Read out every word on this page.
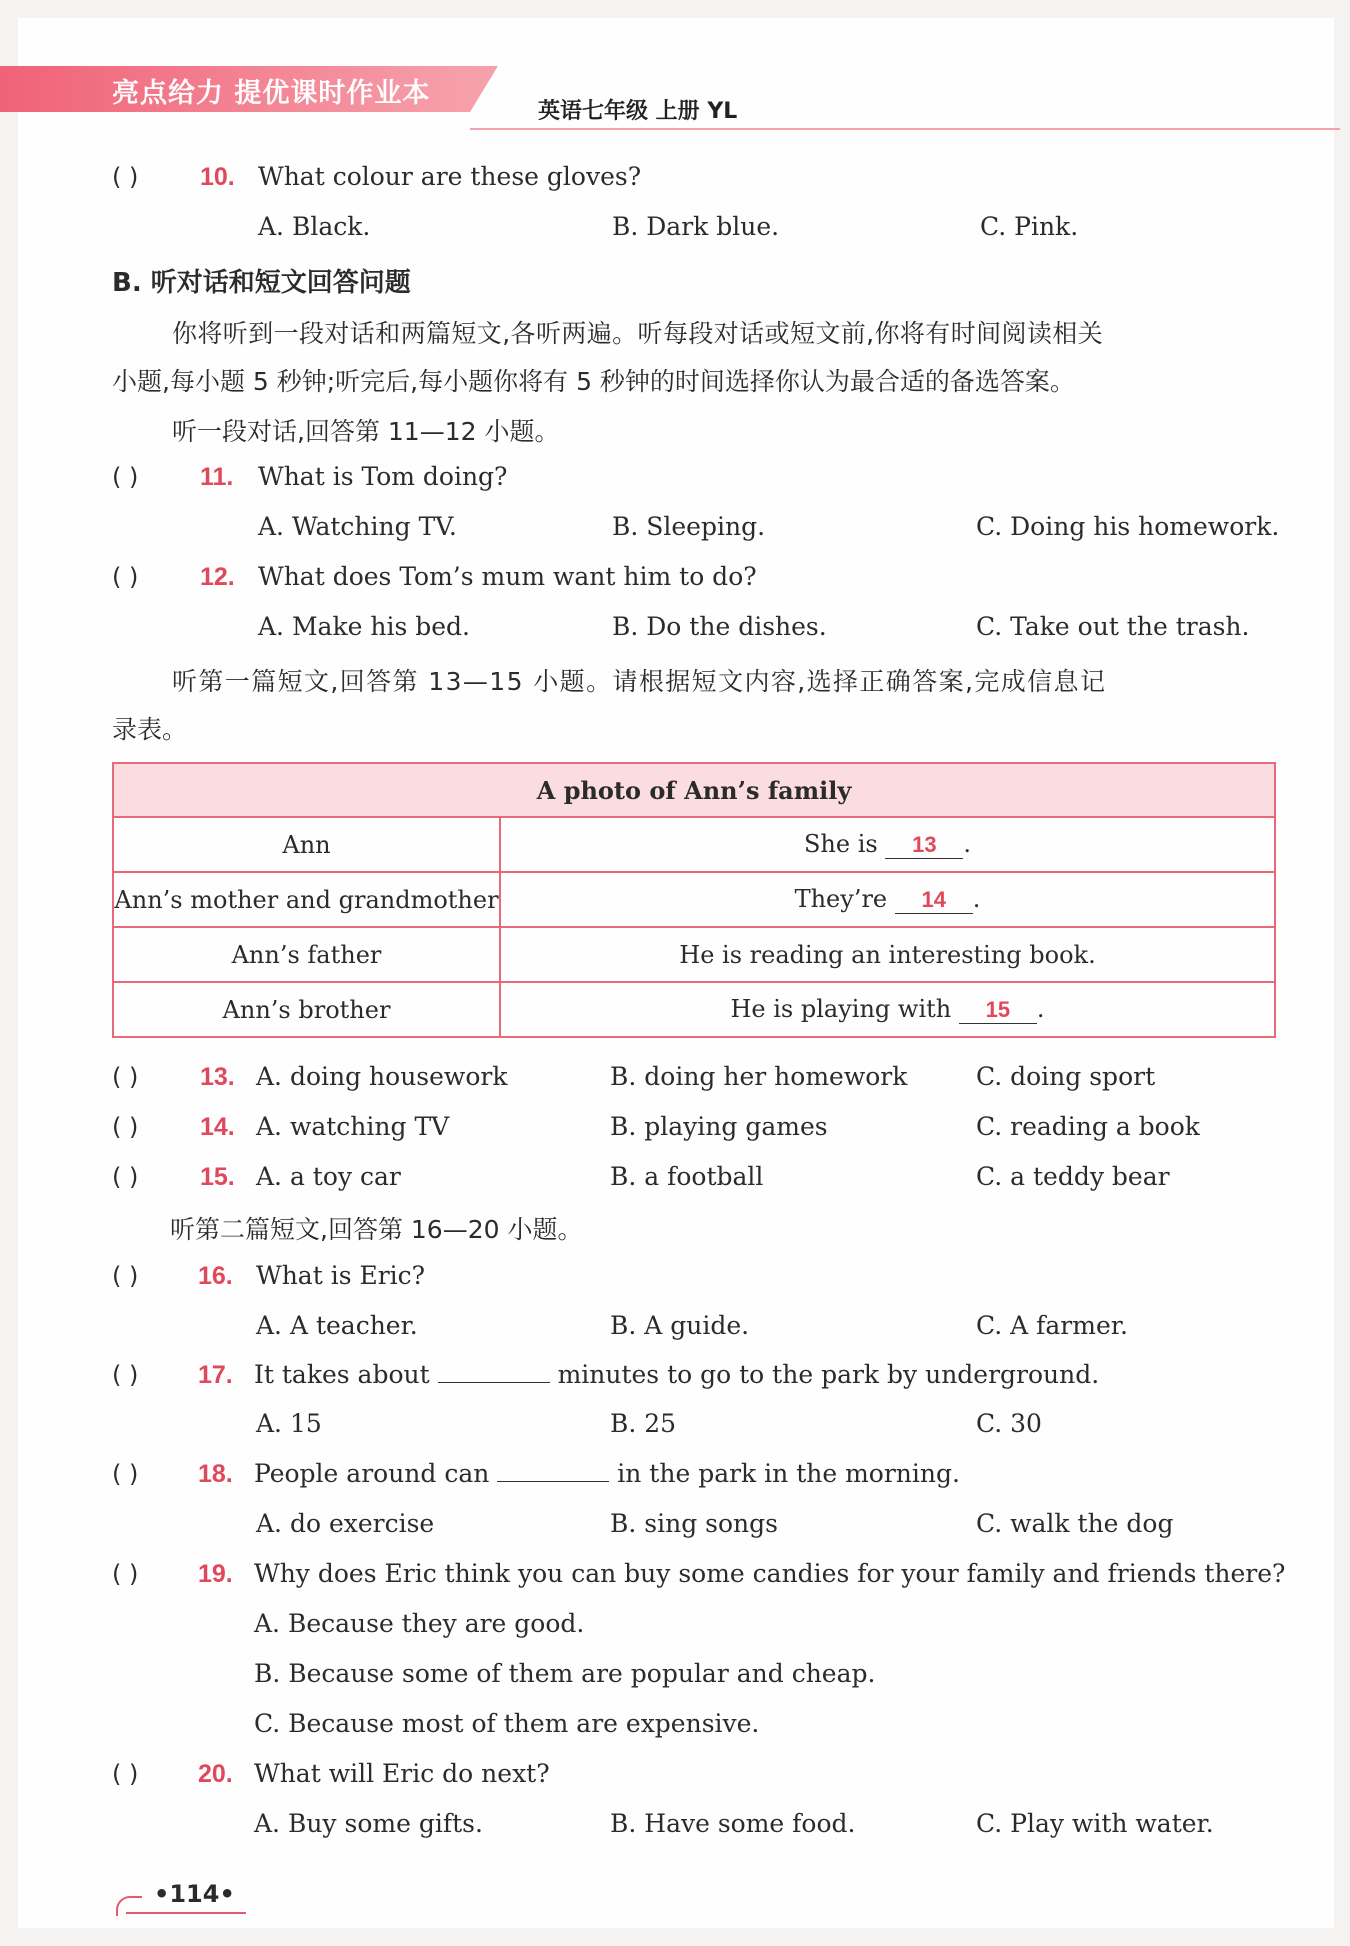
亮点给力 提优课时作业本
英语七年级 上册 YL
( ) 10. What colour are these gloves?
A. Black.	B. Dark blue.	C. Pink.
B. 听对话和短文回答问题
你将听到一段对话和两篇短文,各听两遍。听每段对话或短文前,你将有时间阅读相关
小题,每小题 5 秒钟;听完后,每小题你将有 5 秒钟的时间选择你认为最合适的备选答案。
听一段对话,回答第 11—12 小题。
( ) 11. What is Tom doing?
A. Watching TV.	B. Sleeping.	C. Doing his homework.
( ) 12. What does Tom’s mum want him to do?
A. Make his bed.	B. Do the dishes.	C. Take out the trash.
听第一篇短文,回答第 13—15 小题。请根据短文内容,选择正确答案,完成信息记
录表。
A photo of Ann’s family	
Ann	She is 13 .
Ann’s mother and grandmother	They’re 14 .
Ann’s father	He is reading an interesting book.
Ann’s brother	He is playing with 15 .
( ) 13. A. doing housework	B. doing her homework	C. doing sport
( ) 14. A. watching TV	B. playing games	C. reading a book
( ) 15. A. a toy car	B. a football	C. a teddy bear
听第二篇短文,回答第 16—20 小题。
( ) 16. What is Eric?
A. A teacher.	B. A guide.	C. A farmer.
( ) 17. It takes about	minutes to go to the park by underground.
A. 15	B. 25	C. 30
( ) 18. People around can	in the park in the morning.
A. do exercise	B. sing songs	C. walk the dog
( ) 19. Why does Eric think you can buy some candies for your family and friends there?
A. Because they are good.
B. Because some of them are popular and cheap.
C. Because most of them are expensive.
( ) 20. What will Eric do next?
A. Buy some gifts.	B. Have some food.	C. Play with water.
•114•
